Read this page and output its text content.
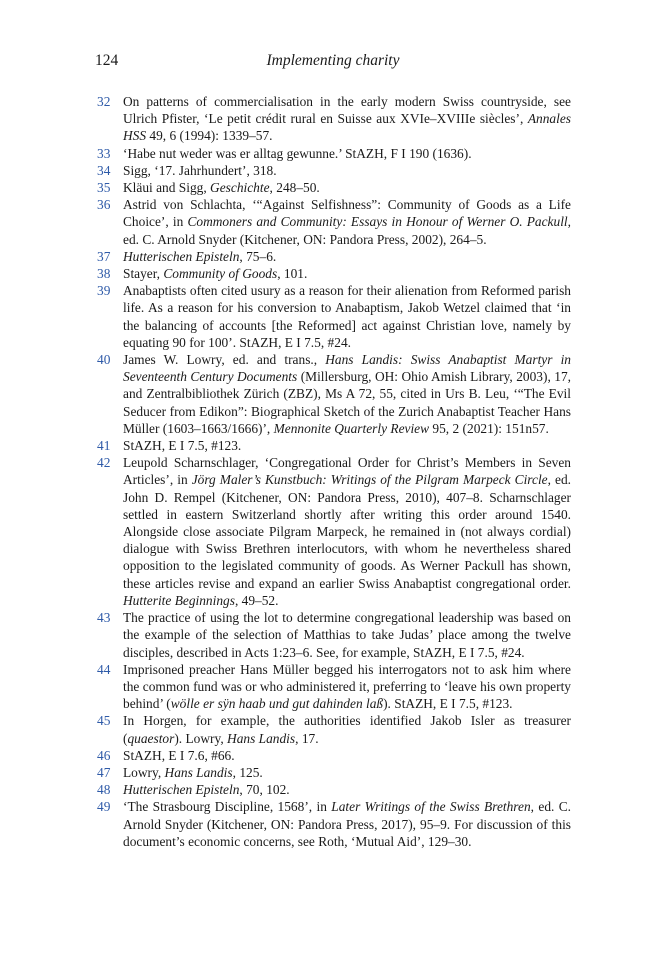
124	Implementing charity
32 On patterns of commercialisation in the early modern Swiss countryside, see Ulrich Pfister, ‘Le petit crédit rural en Suisse aux XVIe–XVIIIe siècles’, Annales HSS 49, 6 (1994): 1339–57.
33 ‘Habe nut weder was er alltag gewunne.’ StAZH, F I 190 (1636).
34 Sigg, ‘17. Jahrhundert’, 318.
35 Kläui and Sigg, Geschichte, 248–50.
36 Astrid von Schlachta, ‘“Against Selfishness”: Community of Goods as a Life Choice’, in Commoners and Community: Essays in Honour of Werner O. Packull, ed. C. Arnold Snyder (Kitchener, ON: Pandora Press, 2002), 264–5.
37 Hutterischen Episteln, 75–6.
38 Stayer, Community of Goods, 101.
39 Anabaptists often cited usury as a reason for their alienation from Reformed parish life. As a reason for his conversion to Anabaptism, Jakob Wetzel claimed that ‘in the balancing of accounts [the Reformed] act against Christian love, namely by equating 90 for 100’. StAZH, E I 7.5, #24.
40 James W. Lowry, ed. and trans., Hans Landis: Swiss Anabaptist Martyr in Seventeenth Century Documents (Millersburg, OH: Ohio Amish Library, 2003), 17, and Zentralbibliothek Zürich (ZBZ), Ms A 72, 55, cited in Urs B. Leu, ‘“The Evil Seducer from Edikon”: Biographical Sketch of the Zurich Anabaptist Teacher Hans Müller (1603–1663/1666)’, Mennonite Quarterly Review 95, 2 (2021): 151n57.
41 StAZH, E I 7.5, #123.
42 Leupold Scharnschlager, ‘Congregational Order for Christ’s Members in Seven Articles’, in Jörg Maler’s Kunstbuch: Writings of the Pilgram Marpeck Circle, ed. John D. Rempel (Kitchener, ON: Pandora Press, 2010), 407–8. Scharnschlager settled in eastern Switzerland shortly after writing this order around 1540. Alongside close associate Pilgram Marpeck, he remained in (not always cordial) dialogue with Swiss Brethren interlocutors, with whom he nevertheless shared opposition to the legislated community of goods. As Werner Packull has shown, these articles revise and expand an earlier Swiss Anabaptist congregational order. Hutterite Beginnings, 49–52.
43 The practice of using the lot to determine congregational leadership was based on the example of the selection of Matthias to take Judas’ place among the twelve disciples, described in Acts 1:23–6. See, for example, StAZH, E I 7.5, #24.
44 Imprisoned preacher Hans Müller begged his interrogators not to ask him where the common fund was or who administered it, preferring to ‘leave his own property behind’ (wölle er sÿn haab und gut dahinden laß). StAZH, E I 7.5, #123.
45 In Horgen, for example, the authorities identified Jakob Isler as treasurer (quaestor). Lowry, Hans Landis, 17.
46 StAZH, E I 7.6, #66.
47 Lowry, Hans Landis, 125.
48 Hutterischen Episteln, 70, 102.
49 ‘The Strasbourg Discipline, 1568’, in Later Writings of the Swiss Brethren, ed. C. Arnold Snyder (Kitchener, ON: Pandora Press, 2017), 95–9. For discussion of this document’s economic concerns, see Roth, ‘Mutual Aid’, 129–30.
